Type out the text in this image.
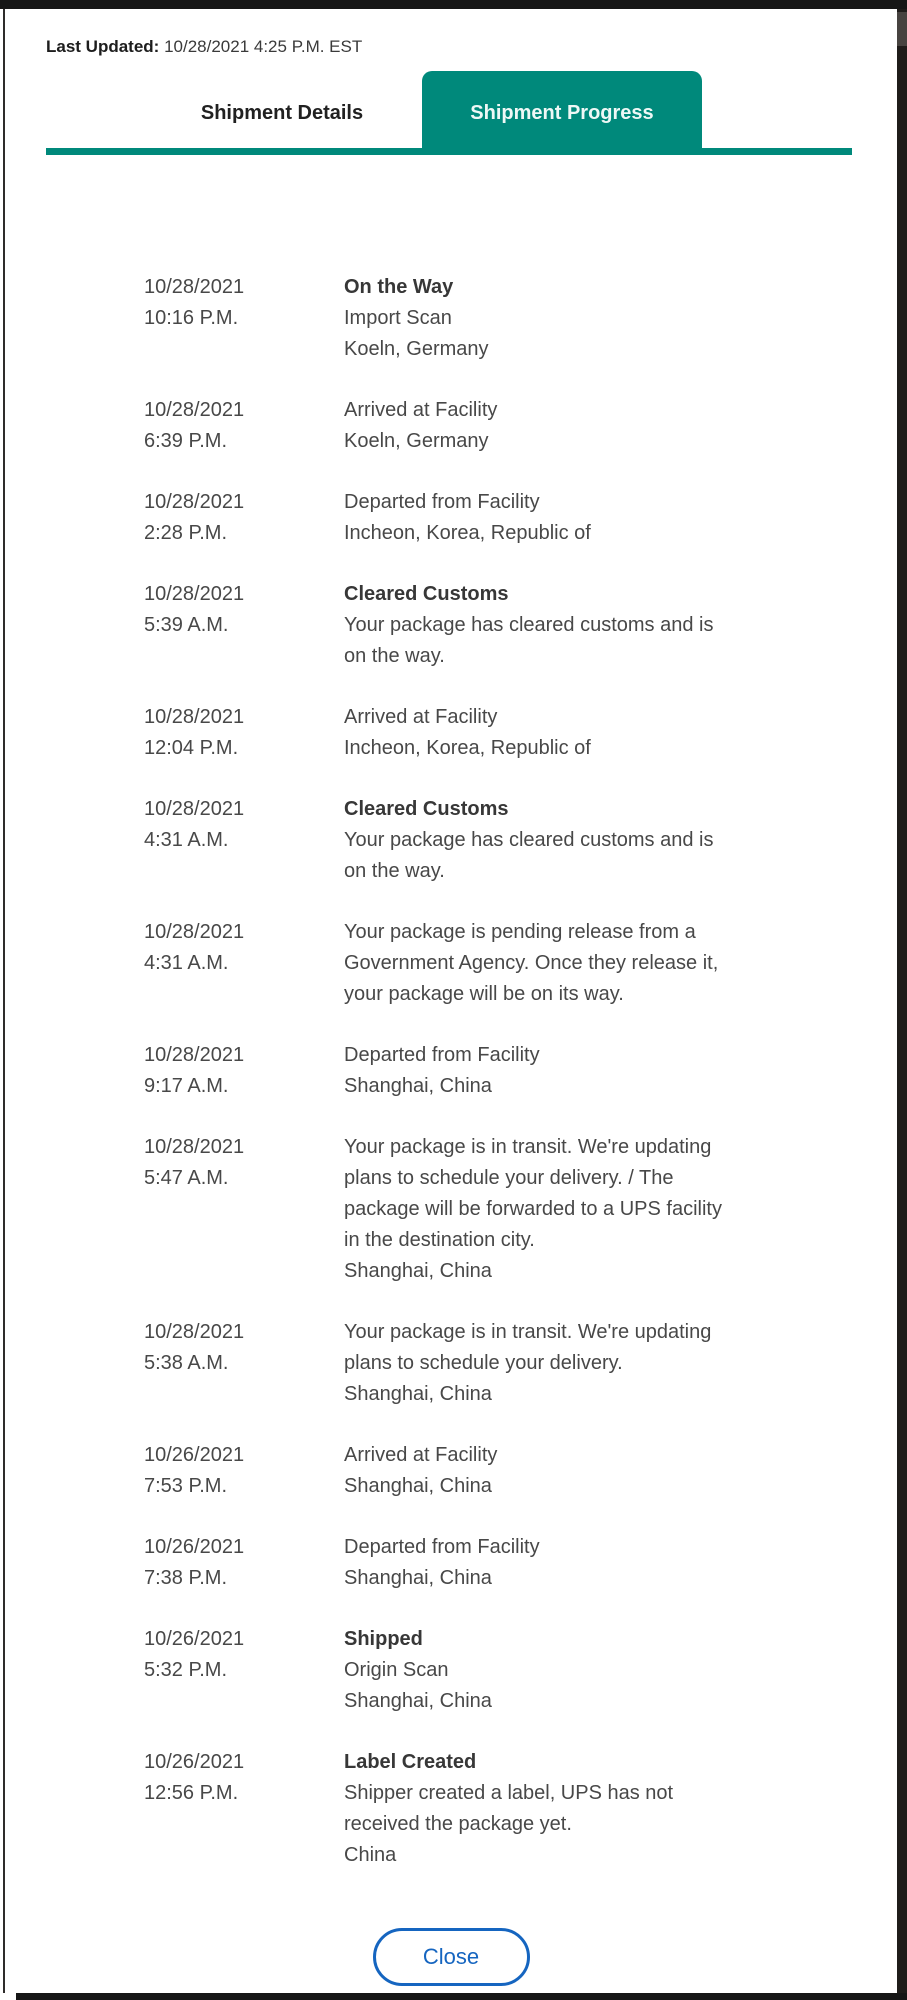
Last Updated: 10/28/2021 4:25 P.M. EST
Shipment Details	Shipment Progress
10/28/2021
10:16 P.M.
On the Way
Import Scan
Koeln, Germany
10/28/2021
6:39 P.M.
Arrived at Facility
Koeln, Germany
10/28/2021
2:28 P.M.
Departed from Facility
Incheon, Korea, Republic of
10/28/2021
5:39 A.M.
Cleared Customs
Your package has cleared customs and is on the way.
10/28/2021
12:04 P.M.
Arrived at Facility
Incheon, Korea, Republic of
10/28/2021
4:31 A.M.
Cleared Customs
Your package has cleared customs and is on the way.
10/28/2021
4:31 A.M.
Your package is pending release from a Government Agency. Once they release it, your package will be on its way.
10/28/2021
9:17 A.M.
Departed from Facility
Shanghai, China
10/28/2021
5:47 A.M.
Your package is in transit. We're updating plans to schedule your delivery. / The package will be forwarded to a UPS facility in the destination city.
Shanghai, China
10/28/2021
5:38 A.M.
Your package is in transit. We're updating plans to schedule your delivery.
Shanghai, China
10/26/2021
7:53 P.M.
Arrived at Facility
Shanghai, China
10/26/2021
7:38 P.M.
Departed from Facility
Shanghai, China
10/26/2021
5:32 P.M.
Shipped
Origin Scan
Shanghai, China
10/26/2021
12:56 P.M.
Label Created
Shipper created a label, UPS has not received the package yet.
China
Close
